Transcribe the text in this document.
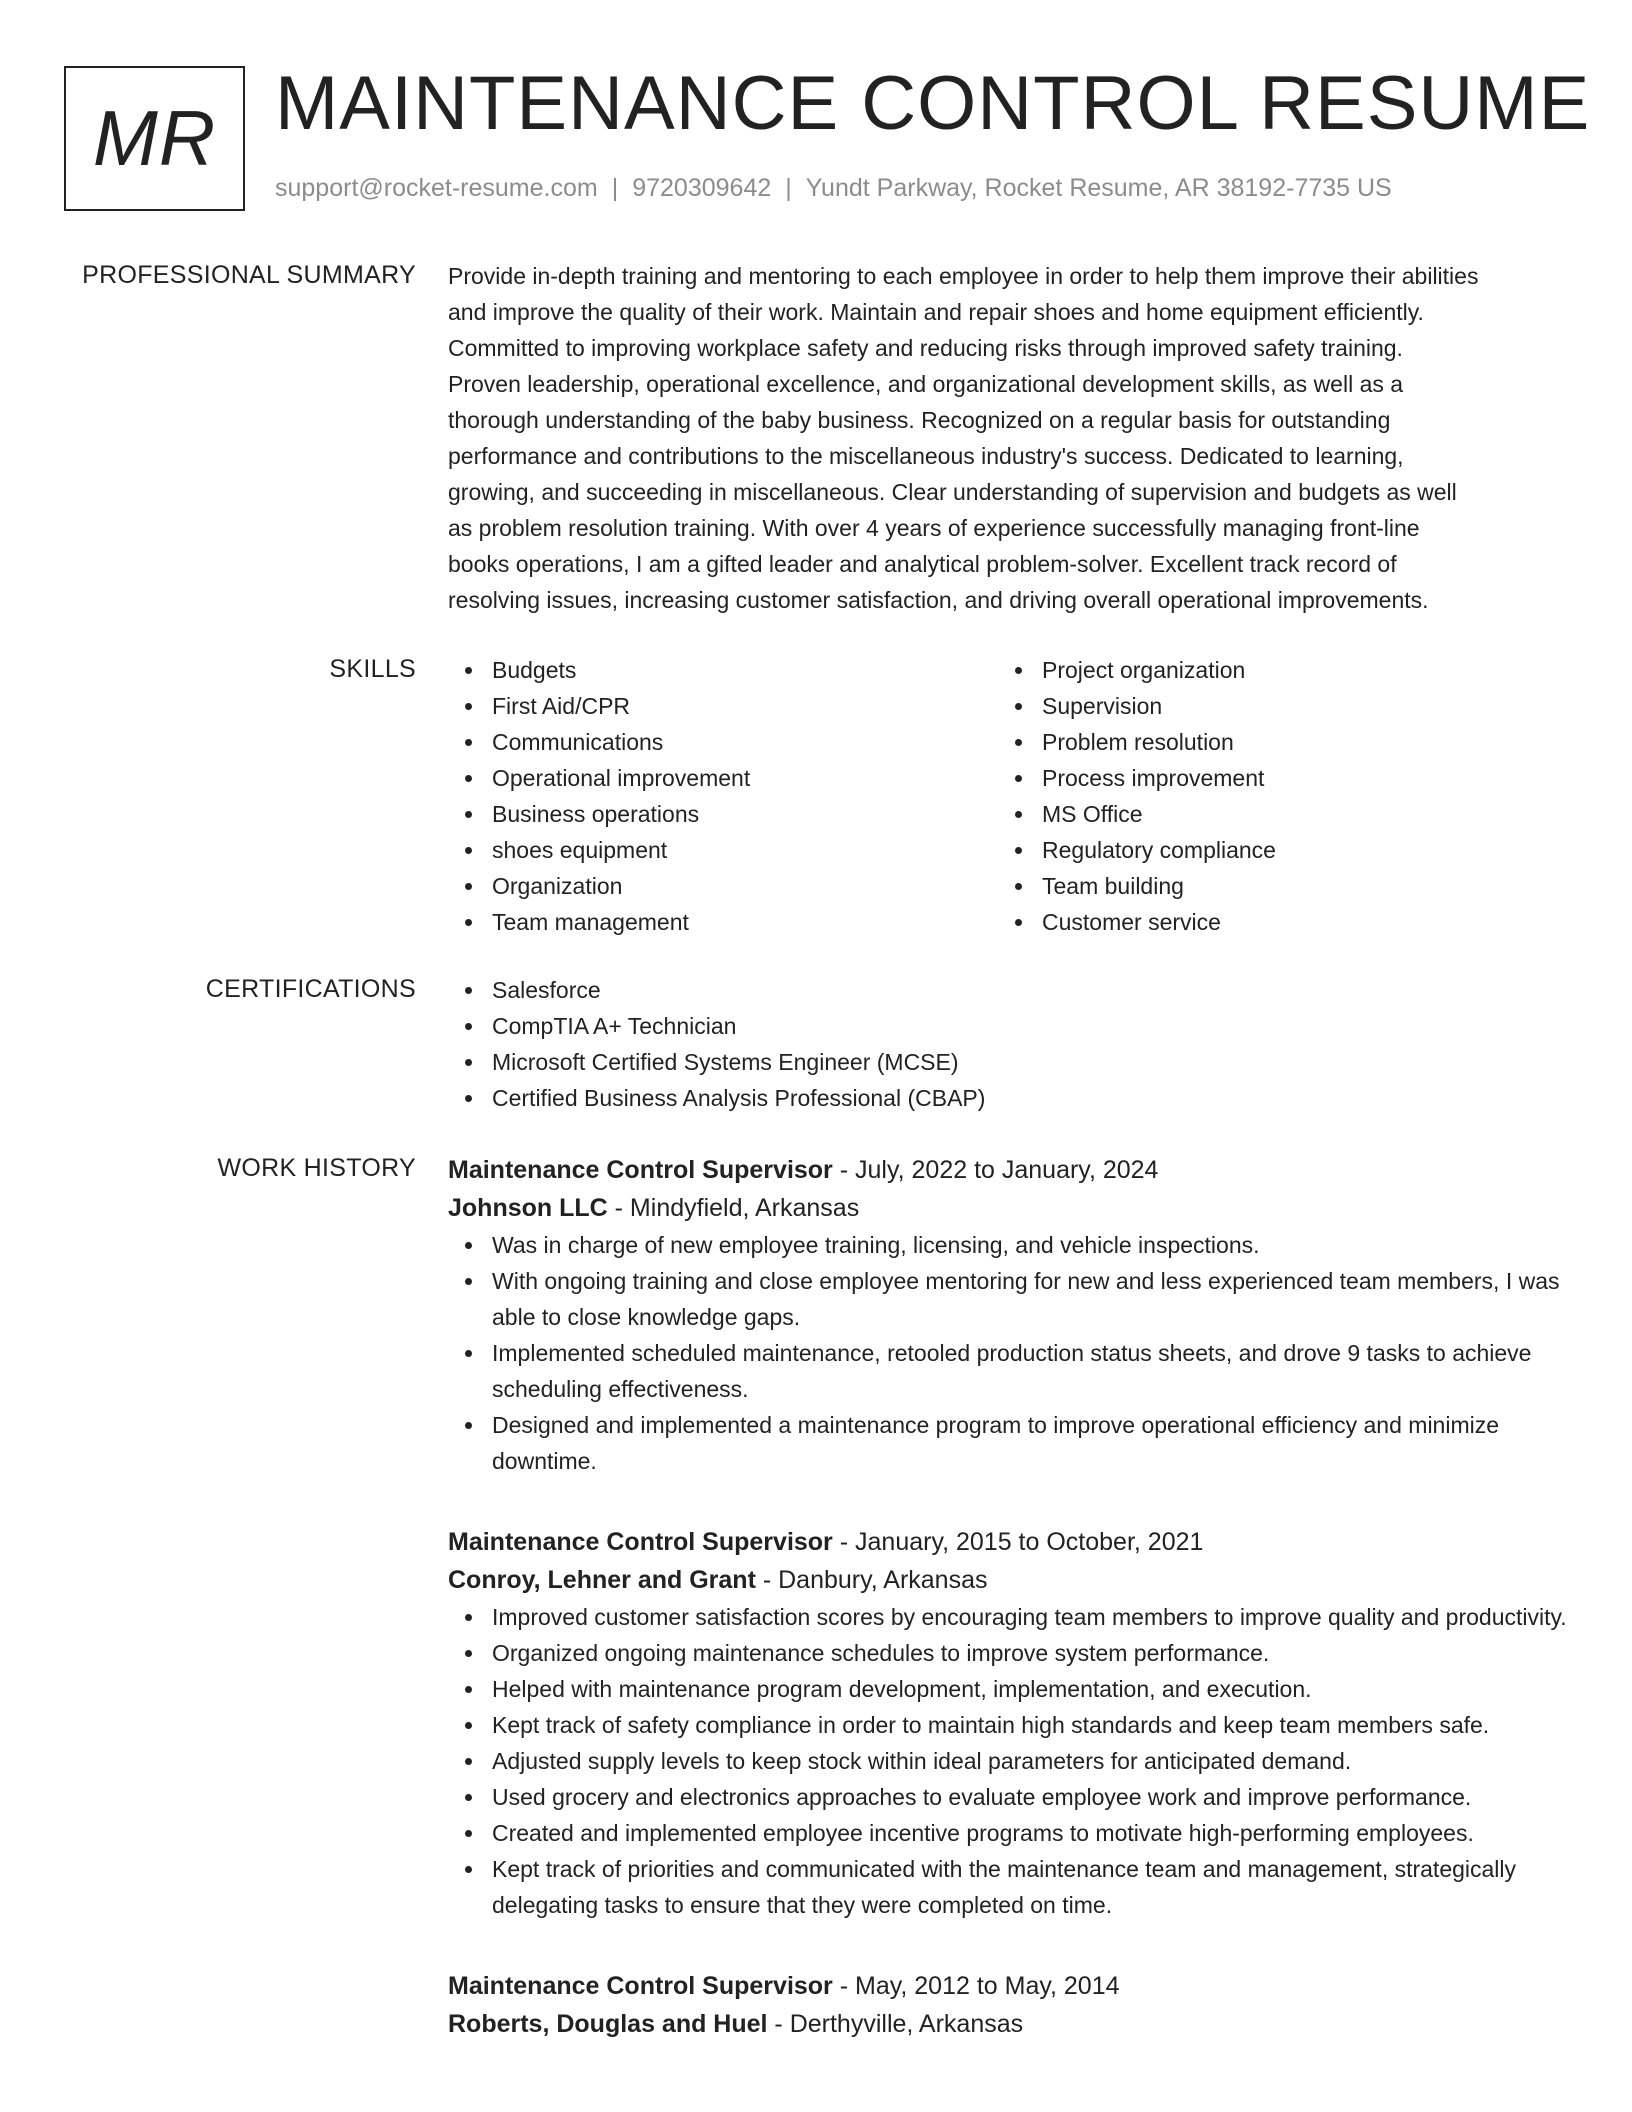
MR MAINTENANCE CONTROL RESUME
support@rocket-resume.com | 9720309642 | Yundt Parkway, Rocket Resume, AR 38192-7735 US
PROFESSIONAL SUMMARY Provide in-depth training and mentoring to each employee in order to help them improve their abilities
and improve the quality of their work. Maintain and repair shoes and home equipment efficiently.
Committed to improving workplace safety and reducing risks through improved safety training.
Proven leadership, operational excellence, and organizational development skills, as well as a
thorough understanding of the baby business. Recognized on a regular basis for outstanding
performance and contributions to the miscellaneous industry's success. Dedicated to learning,
growing, and succeeding in miscellaneous. Clear understanding of supervision and budgets as well
as problem resolution training. With over 4 years of experience successfully managing front-line
books operations, I am a gifted leader and analytical problem-solver. Excellent track record of
resolving issues, increasing customer satisfaction, and driving overall operational improvements.
SKILLS	Budgets
First Aid/CPR
Communications
Operational improvement
Business operations
shoes equipment
Organization
Team management
Project organization
Supervision
Problem resolution
Process improvement
MS Office
Regulatory compliance
Team building
Customer service
CERTIFICATIONS	Salesforce
CompTIA A+ Technician
Microsoft Certified Systems Engineer (MCSE)
Certified Business Analysis Professional (CBAP)
WORK HISTORY Maintenance Control Supervisor - July, 2022 to January, 2024
Johnson LLC - Mindyfield, Arkansas
Was in charge of new employee training, licensing, and vehicle inspections.
With ongoing training and close employee mentoring for new and less experienced team members, I was able to close knowledge gaps.
Implemented scheduled maintenance, retooled production status sheets, and drove 9 tasks to achieve scheduling effectiveness.
Designed and implemented a maintenance program to improve operational efficiency and minimize downtime.
Maintenance Control Supervisor - January, 2015 to October, 2021
Conroy, Lehner and Grant - Danbury, Arkansas
Improved customer satisfaction scores by encouraging team members to improve quality and productivity.
Organized ongoing maintenance schedules to improve system performance.
Helped with maintenance program development, implementation, and execution.
Kept track of safety compliance in order to maintain high standards and keep team members safe.
Adjusted supply levels to keep stock within ideal parameters for anticipated demand.
Used grocery and electronics approaches to evaluate employee work and improve performance.
Created and implemented employee incentive programs to motivate high-performing employees.
Kept track of priorities and communicated with the maintenance team and management, strategically delegating tasks to ensure that they were completed on time.
Maintenance Control Supervisor - May, 2012 to May, 2014
Roberts, Douglas and Huel - Derthyville, Arkansas
